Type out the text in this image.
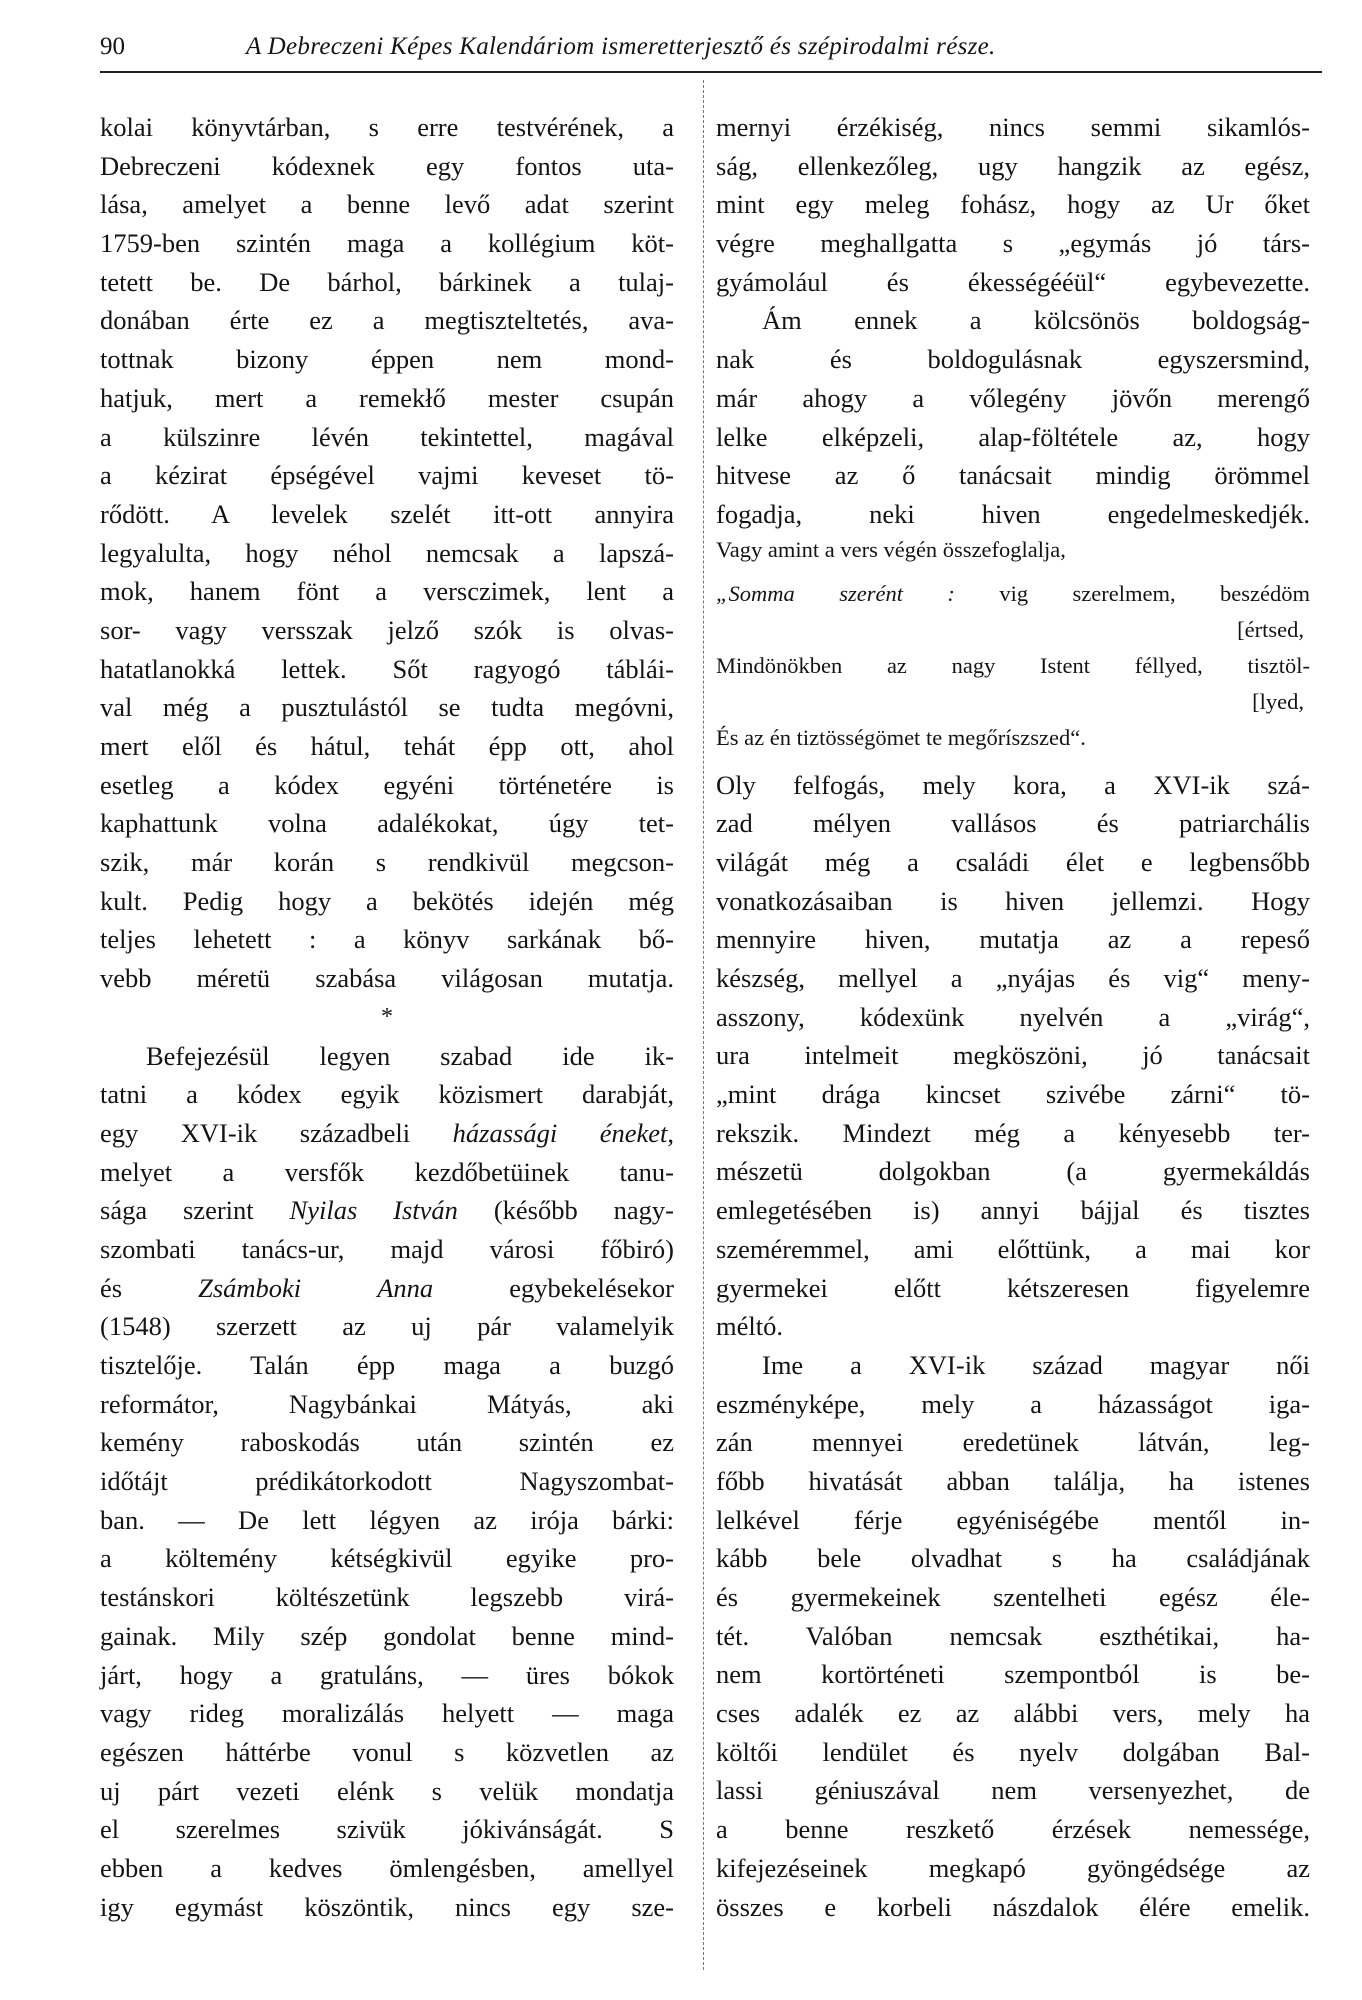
90	A Debreczeni Képes Kalendáriom ismeretterjesztő és szépirodalmi része.
kolai könyvtárban, s erre testvérének, a
Debreczeni kódexnek egy fontos uta-
lása, amelyet a benne levő adat szerint
1759-ben szintén maga a kollégium köt-
tetett be. De bárhol, bárkinek a tulaj-
donában érte ez a megtiszteltetés, ava-
tottnak bizony éppen nem mond-
hatjuk, mert a remekłő mester csupán
a külszinre lévén tekintettel, magával
a kézirat épségével vajmi keveset tö-
rődött. A levelek szelét itt-ott annyira
legyalulta, hogy néhol nemcsak a lapszá-
mok, hanem fönt a versczimek, lent a
sor- vagy versszak jelző szók is olvas-
hatatlanokká lettek. Sőt ragyogó táblái-
val még a pusztulástól se tudta megóvni,
mert elől és hátul, tehát épp ott, ahol
esetleg a kódex egyéni történetére is
kaphattunk volna adalékokat, úgy tet-
szik, már korán s rendkivül megcson-
kult. Pedig hogy a bekötés idején még
teljes lehetett : a könyv sarkának bő-
vebb méretü szabása világosan mutatja.
*
Befejezésül legyen szabad ide ik-
tatni a kódex egyik közismert darabját,
egy XVI-ik századbeli házassági éneket,
melyet a versfők kezdőbetüinek tanu-
sága szerint Nyilas István (később nagy-
szombati tanács-ur, majd városi főbiró)
és Zsámboki	Anna	egybekelésekor
(1548) szerzett az uj pár valamelyik
tisztelője. Talán épp maga a buzgó
reformátor, Nagybánkai Mátyás, aki
kemény raboskodás után szintén ez
időtájt prédikátorkodott Nagyszombat-
ban. — De lett légyen az irója bárki:
a költemény kétségkivül egyike pro-
testánskori költészetünk legszebb virá-
gainak. Mily szép gondolat benne mind-
járt, hogy a gratuláns, — üres bókok
vagy rideg moralizálás helyett — maga
egészen háttérbe vonul s közvetlen az
uj párt vezeti elénk s velük mondatja
el szerelmes szivük jókivánságát. S
ebben a kedves ömlengésben, amellyel
igy egymást köszöntik, nincs egy sze-
mernyi érzékiség, nincs semmi sikamlós-
ság, ellenkezőleg, ugy hangzik az egész,
mint egy meleg fohász, hogy az Ur őket
végre meghallgatta s „egymás jó társ-
gyámolául és ékességééül“ egybevezette.
Ám ennek a kölcsönös boldogság-
nak és boldogulásnak egyszersmind,
már ahogy a vőlegény jövőn merengő
lelke elképzeli, alap-föltétele az, hogy
hitvese az ő tanácsait mindig örömmel
fogadja, neki hiven engedelmeskedjék.
Vagy amint a vers végén összefoglalja,
„Somma szerént : vig szerelmem, beszédöm
[értsed,
Mindönökben az nagy Istent féllyed, tisztöl-
[lyed,
És az én tiztösségömet te megőríszszed“.
Oly felfogás, mely kora, a XVI-ik szá-
zad mélyen vallásos és patriarchális
világát még a családi élet e legbensőbb
vonatkozásaiban is hiven jellemzi. Hogy
mennyire hiven, mutatja az a repeső
készség, mellyel a „nyájas és vig“ meny-
asszony, kódexünk nyelvén a „virág“,
ura intelmeit megköszöni, jó tanácsait
„mint drága kincset szivébe zárni“ tö-
rekszik. Mindezt még a kényesebb ter-
mészetü dolgokban (a gyermekáldás
emlegetésében is) annyi bájjal és tisztes
szeméremmel, ami előttünk, a mai kor
gyermekei előtt kétszeresen figyelemre
méltó.
Ime a XVI-ik század magyar női
eszményképe, mely a házasságot iga-
zán mennyei eredetünek látván, leg-
főbb hivatását abban találja, ha istenes
lelkével férje egyéniségébe mentől in-
kább bele olvadhat s ha családjának
és gyermekeinek szentelheti egész éle-
tét. Valóban nemcsak eszthétikai, ha-
nem kortörténeti szempontból is be-
cses adalék ez az alábbi vers, mely ha
költői lendület és nyelv dolgában Bal-
lassi géniuszával nem versenyezhet, de
a benne reszkető érzések nemessége,
kifejezéseinek megkapó gyöngédsége az
összes e korbeli nászdalok élére emelik.
